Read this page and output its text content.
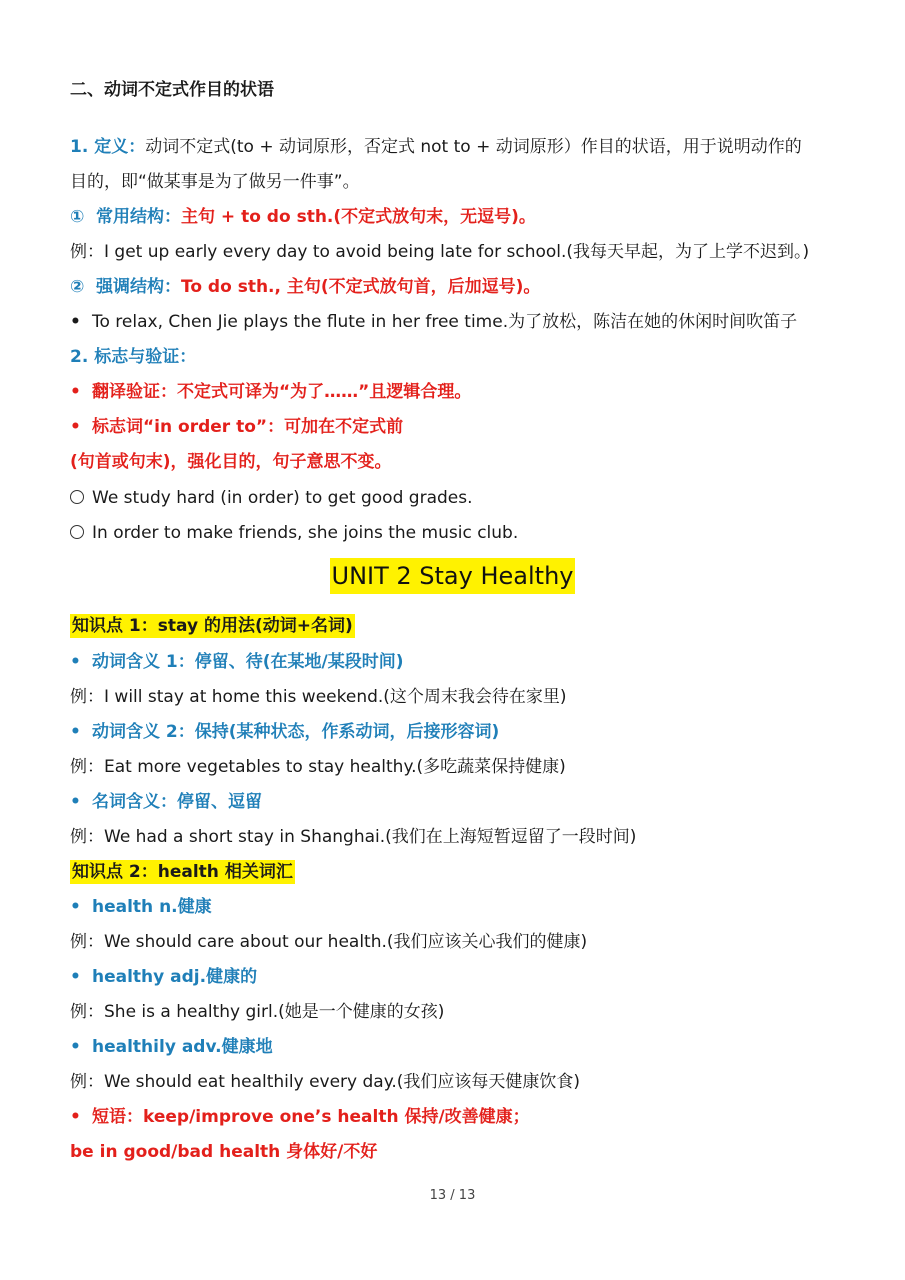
二、动词不定式作目的状语
1. 定义：动词不定式(to + 动词原形，否定式 not to + 动词原形）作目的状语，用于说明动作的
目的，即“做某事是为了做另一件事”。
① 常用结构：主句 + to do sth.(不定式放句末，无逗号)。
例：I get up early every day to avoid being late for school.(我每天早起，为了上学不迟到。)
② 强调结构：To do sth., 主句(不定式放句首，后加逗号)。
• To relax, Chen Jie plays the flute in her free time.为了放松，陈洁在她的休闲时间吹笛子
2. 标志与验证：
• 翻译验证：不定式可译为“为了……”且逻辑合理。
• 标志词“in order to”：可加在不定式前
(句首或句末)，强化目的，句子意思不变。
We study hard (in order) to get good grades.
In order to make friends, she joins the music club.
UNIT 2 Stay Healthy
知识点 1：stay 的用法(动词+名词)
• 动词含义 1：停留、待(在某地/某段时间)
例：I will stay at home this weekend.(这个周末我会待在家里)
• 动词含义 2：保持(某种状态，作系动词，后接形容词)
例：Eat more vegetables to stay healthy.(多吃蔬菜保持健康)
• 名词含义：停留、逗留
例：We had a short stay in Shanghai.(我们在上海短暂逗留了一段时间)
知识点 2：health 相关词汇
• health n.健康
例：We should care about our health.(我们应该关心我们的健康)
• healthy adj.健康的
例：She is a healthy girl.(她是一个健康的女孩)
• healthily adv.健康地
例：We should eat healthily every day.(我们应该每天健康饮食)
• 短语：keep/improve one’s health 保持/改善健康；
be in good/bad health 身体好/不好
13 / 13
